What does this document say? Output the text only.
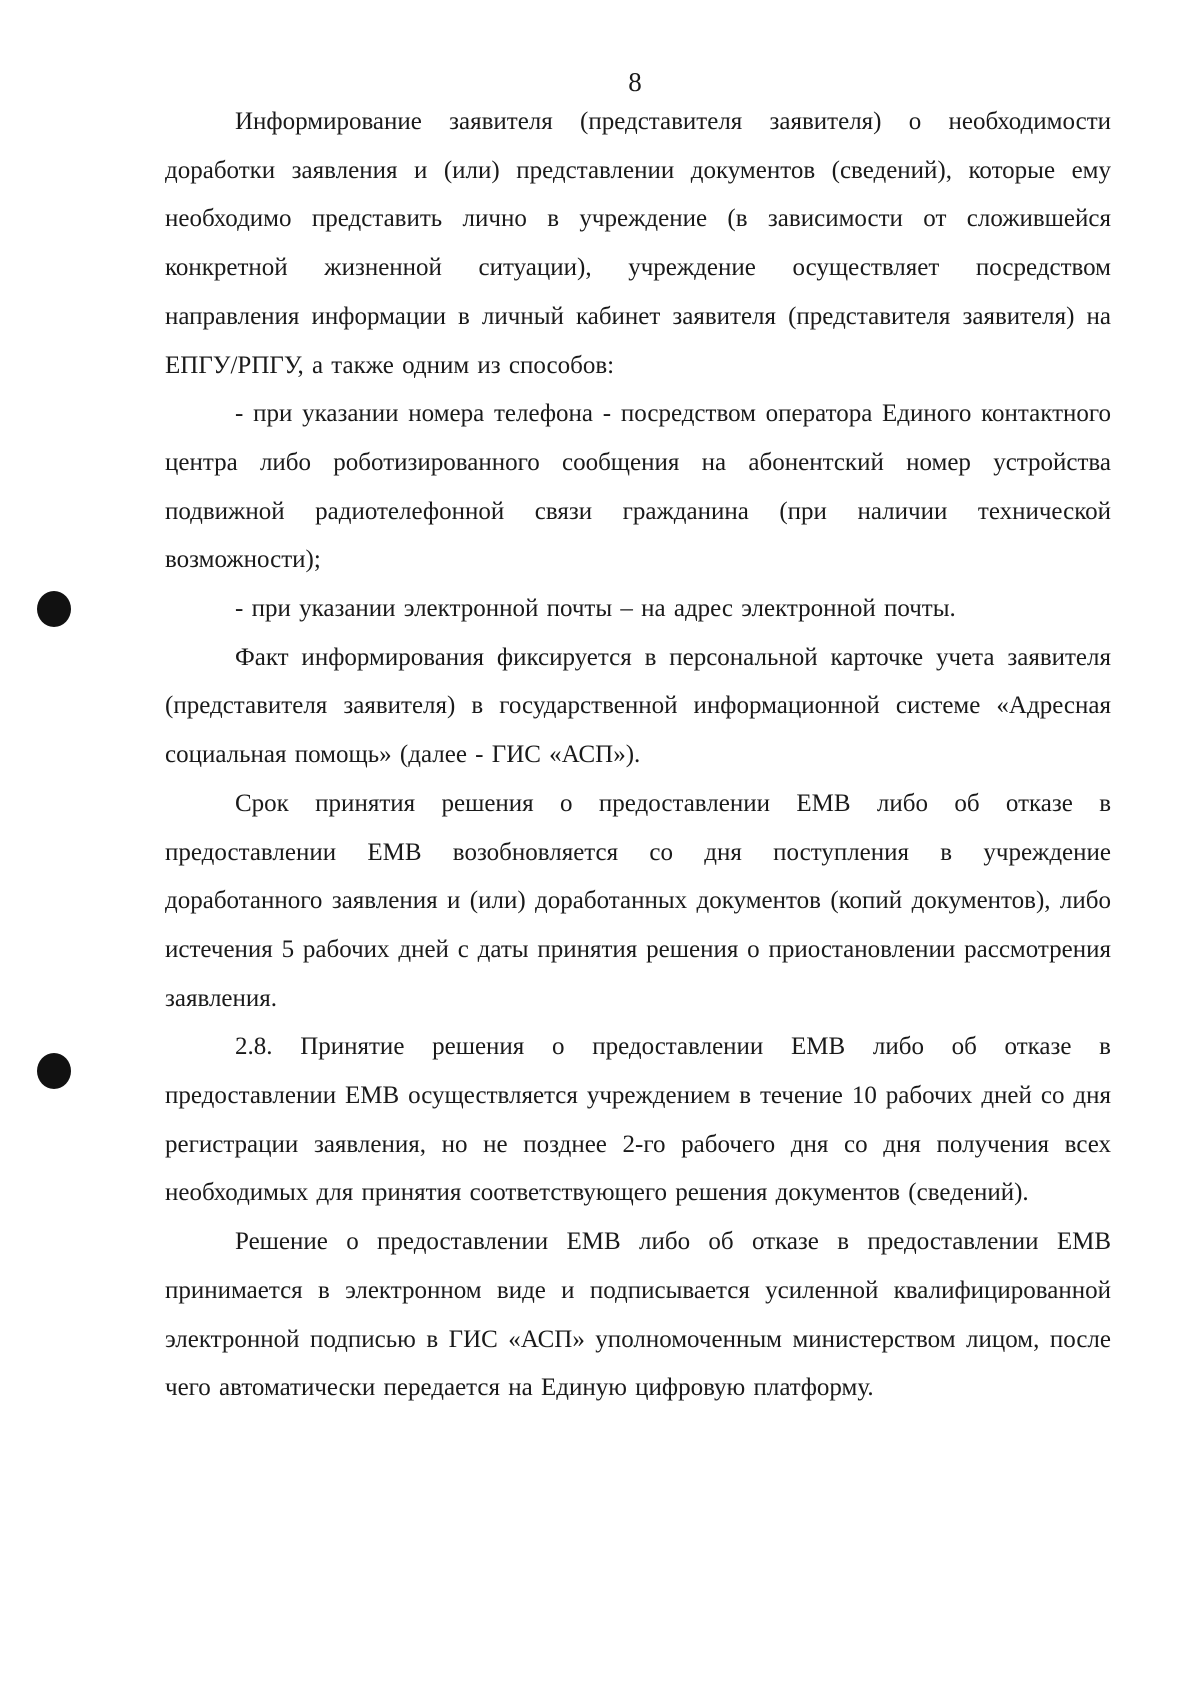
8

Информирование заявителя (представителя заявителя) о необходимости доработки заявления и (или) представлении документов (сведений), которые ему необходимо представить лично в учреждение (в зависимости от сложившейся конкретной жизненной ситуации), учреждение осуществляет посредством направления информации в личный кабинет заявителя (представителя заявителя) на ЕПГУ/РПГУ, а также одним из способов:

- при указании номера телефона - посредством оператора Единого контактного центра либо роботизированного сообщения на абонентский номер устройства подвижной радиотелефонной связи гражданина (при наличии технической возможности);

- при указании электронной почты – на адрес электронной почты.

Факт информирования фиксируется в персональной карточке учета заявителя (представителя заявителя) в государственной информационной системе «Адресная социальная помощь» (далее - ГИС «АСП»).

Срок принятия решения о предоставлении ЕМВ либо об отказе в предоставлении ЕМВ возобновляется со дня поступления в учреждение доработанного заявления и (или) доработанных документов (копий документов), либо истечения 5 рабочих дней с даты принятия решения о приостановлении рассмотрения заявления.

2.8. Принятие решения о предоставлении ЕМВ либо об отказе в предоставлении ЕМВ осуществляется учреждением в течение 10 рабочих дней со дня регистрации заявления, но не позднее 2-го рабочего дня со дня получения всех необходимых для принятия соответствующего решения документов (сведений).

Решение о предоставлении ЕМВ либо об отказе в предоставлении ЕМВ принимается в электронном виде и подписывается усиленной квалифицированной электронной подписью в ГИС «АСП» уполномоченным министерством лицом, после чего автоматически передается на Единую цифровую платформу.
